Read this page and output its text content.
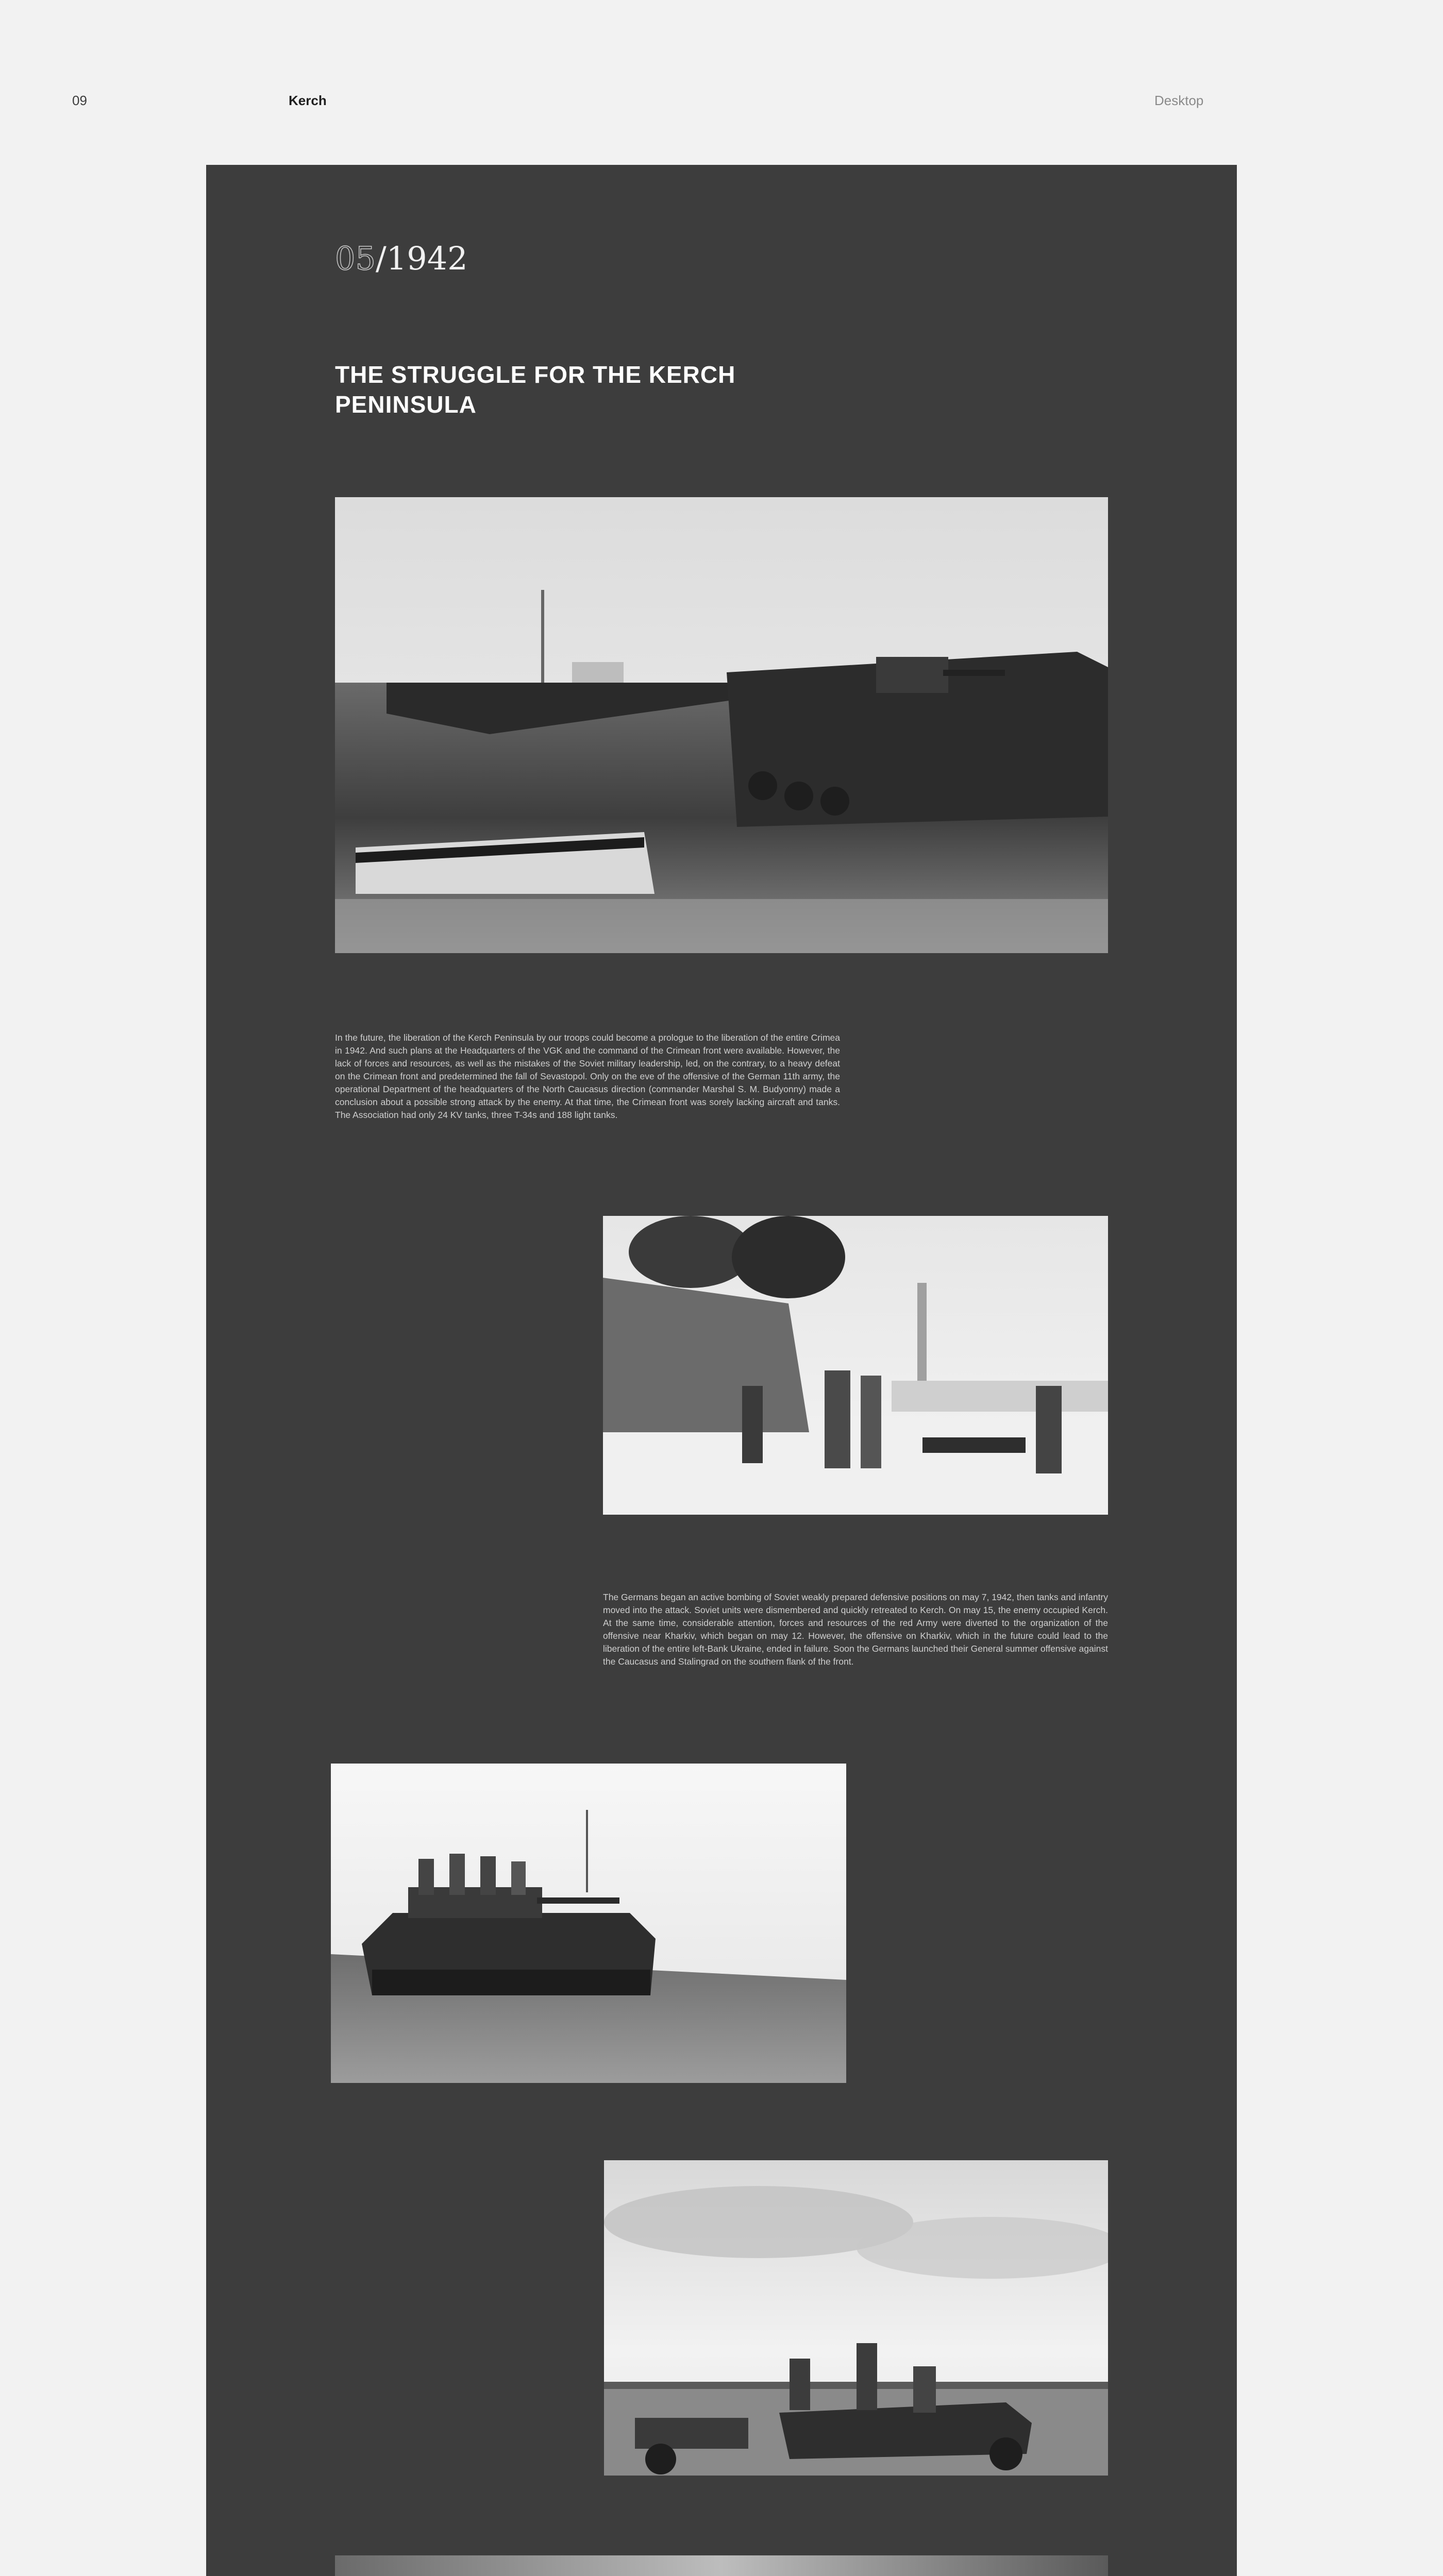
09	Kerch	Desktop
05/1942
THE STRUGGLE FOR THE KERCH PENINSULA

In the future, the liberation of the Kerch Peninsula by our troops could become a prologue to the liberation of the entire Crimea in 1942. And such plans at the Headquarters of the VGK and the command of the Crimean front were available. However, the lack of forces and resources, as well as the mistakes of the Soviet military leadership, led, on the contrary, to a heavy defeat on the Crimean front and predetermined the fall of Sevastopol. Only on the eve of the offensive of the German 11th army, the operational Department of the headquarters of the North Caucasus direction (commander Marshal S. M. Budyonny) made a conclusion about a possible strong attack by the enemy. At that time, the Crimean front was sorely lacking aircraft and tanks. The Association had only 24 KV tanks, three T-34s and 188 light tanks.

The Germans began an active bombing of Soviet weakly prepared defensive positions on may 7, 1942, then tanks and infantry moved into the attack. Soviet units were dismembered and quickly retreated to Kerch. On may 15, the enemy occupied Kerch. At the same time, considerable attention, forces and resources of the red Army were diverted to the organization of the offensive near Kharkiv, which began on may 12. However, the offensive on Kharkiv, which in the future could lead to the liberation of the entire left-Bank Ukraine, ended in failure. Soon the Germans launched their General summer offensive against the Caucasus and Stalingrad on the southern flank of the front.
